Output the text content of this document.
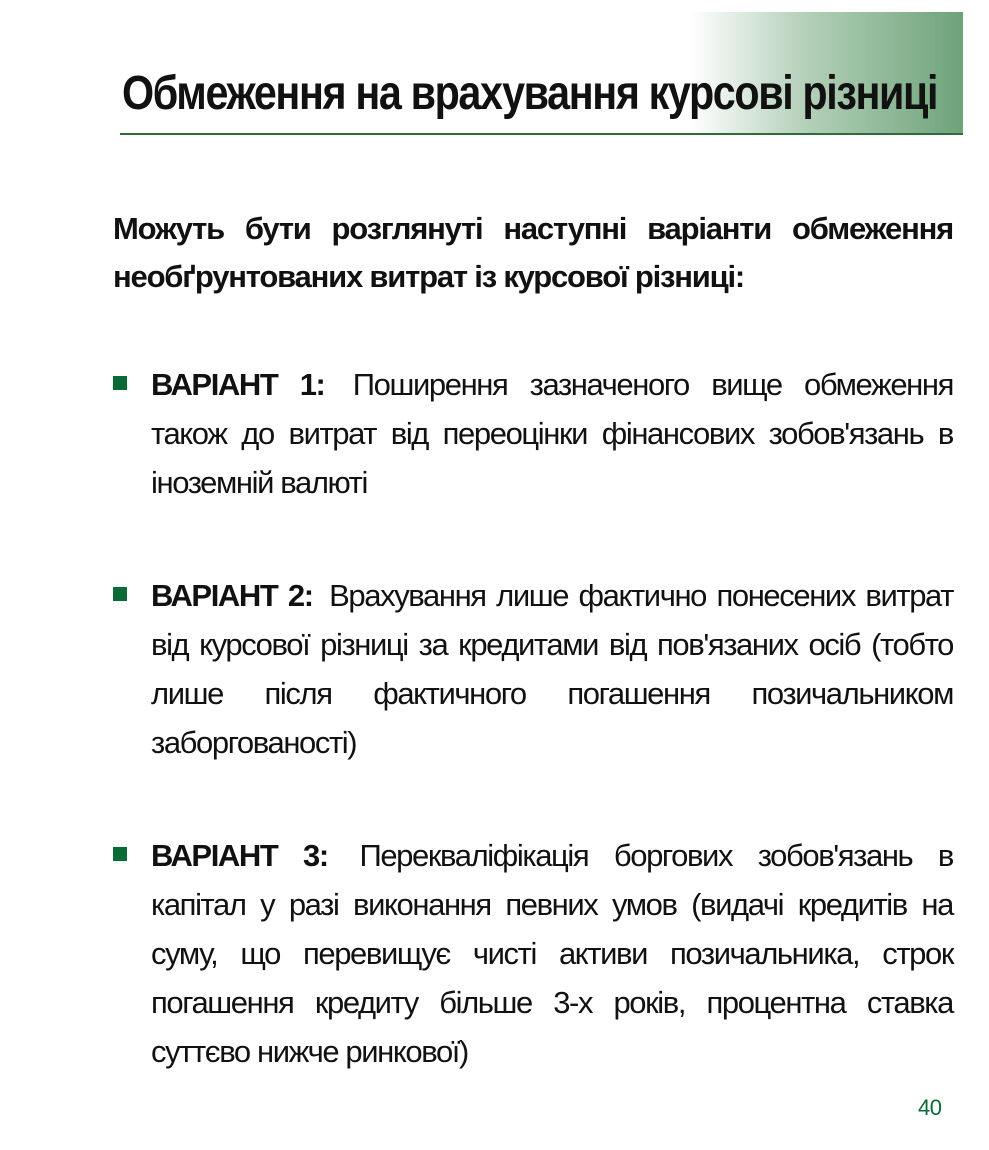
Обмеження на врахування курсові різниці

Можуть бути розглянуті наступні варіанти обмеження необґрунтованих витрат із курсової різниці:

ВАРІАНТ 1: Поширення зазначеного вище обмеження також до витрат від переоцінки фінансових зобов'язань в іноземній валюті
ВАРІАНТ 2: Врахування лише фактично понесених витрат від курсової різниці за кредитами від пов'язаних осіб (тобто лише після фактичного погашення позичальником заборгованості)
ВАРІАНТ 3: Перекваліфікація боргових зобов'язань в капітал у разі виконання певних умов (видачі кредитів на суму, що перевищує чисті активи позичальника, строк погашення кредиту більше 3-х років, процентна ставка суттєво нижче ринкової)
40
